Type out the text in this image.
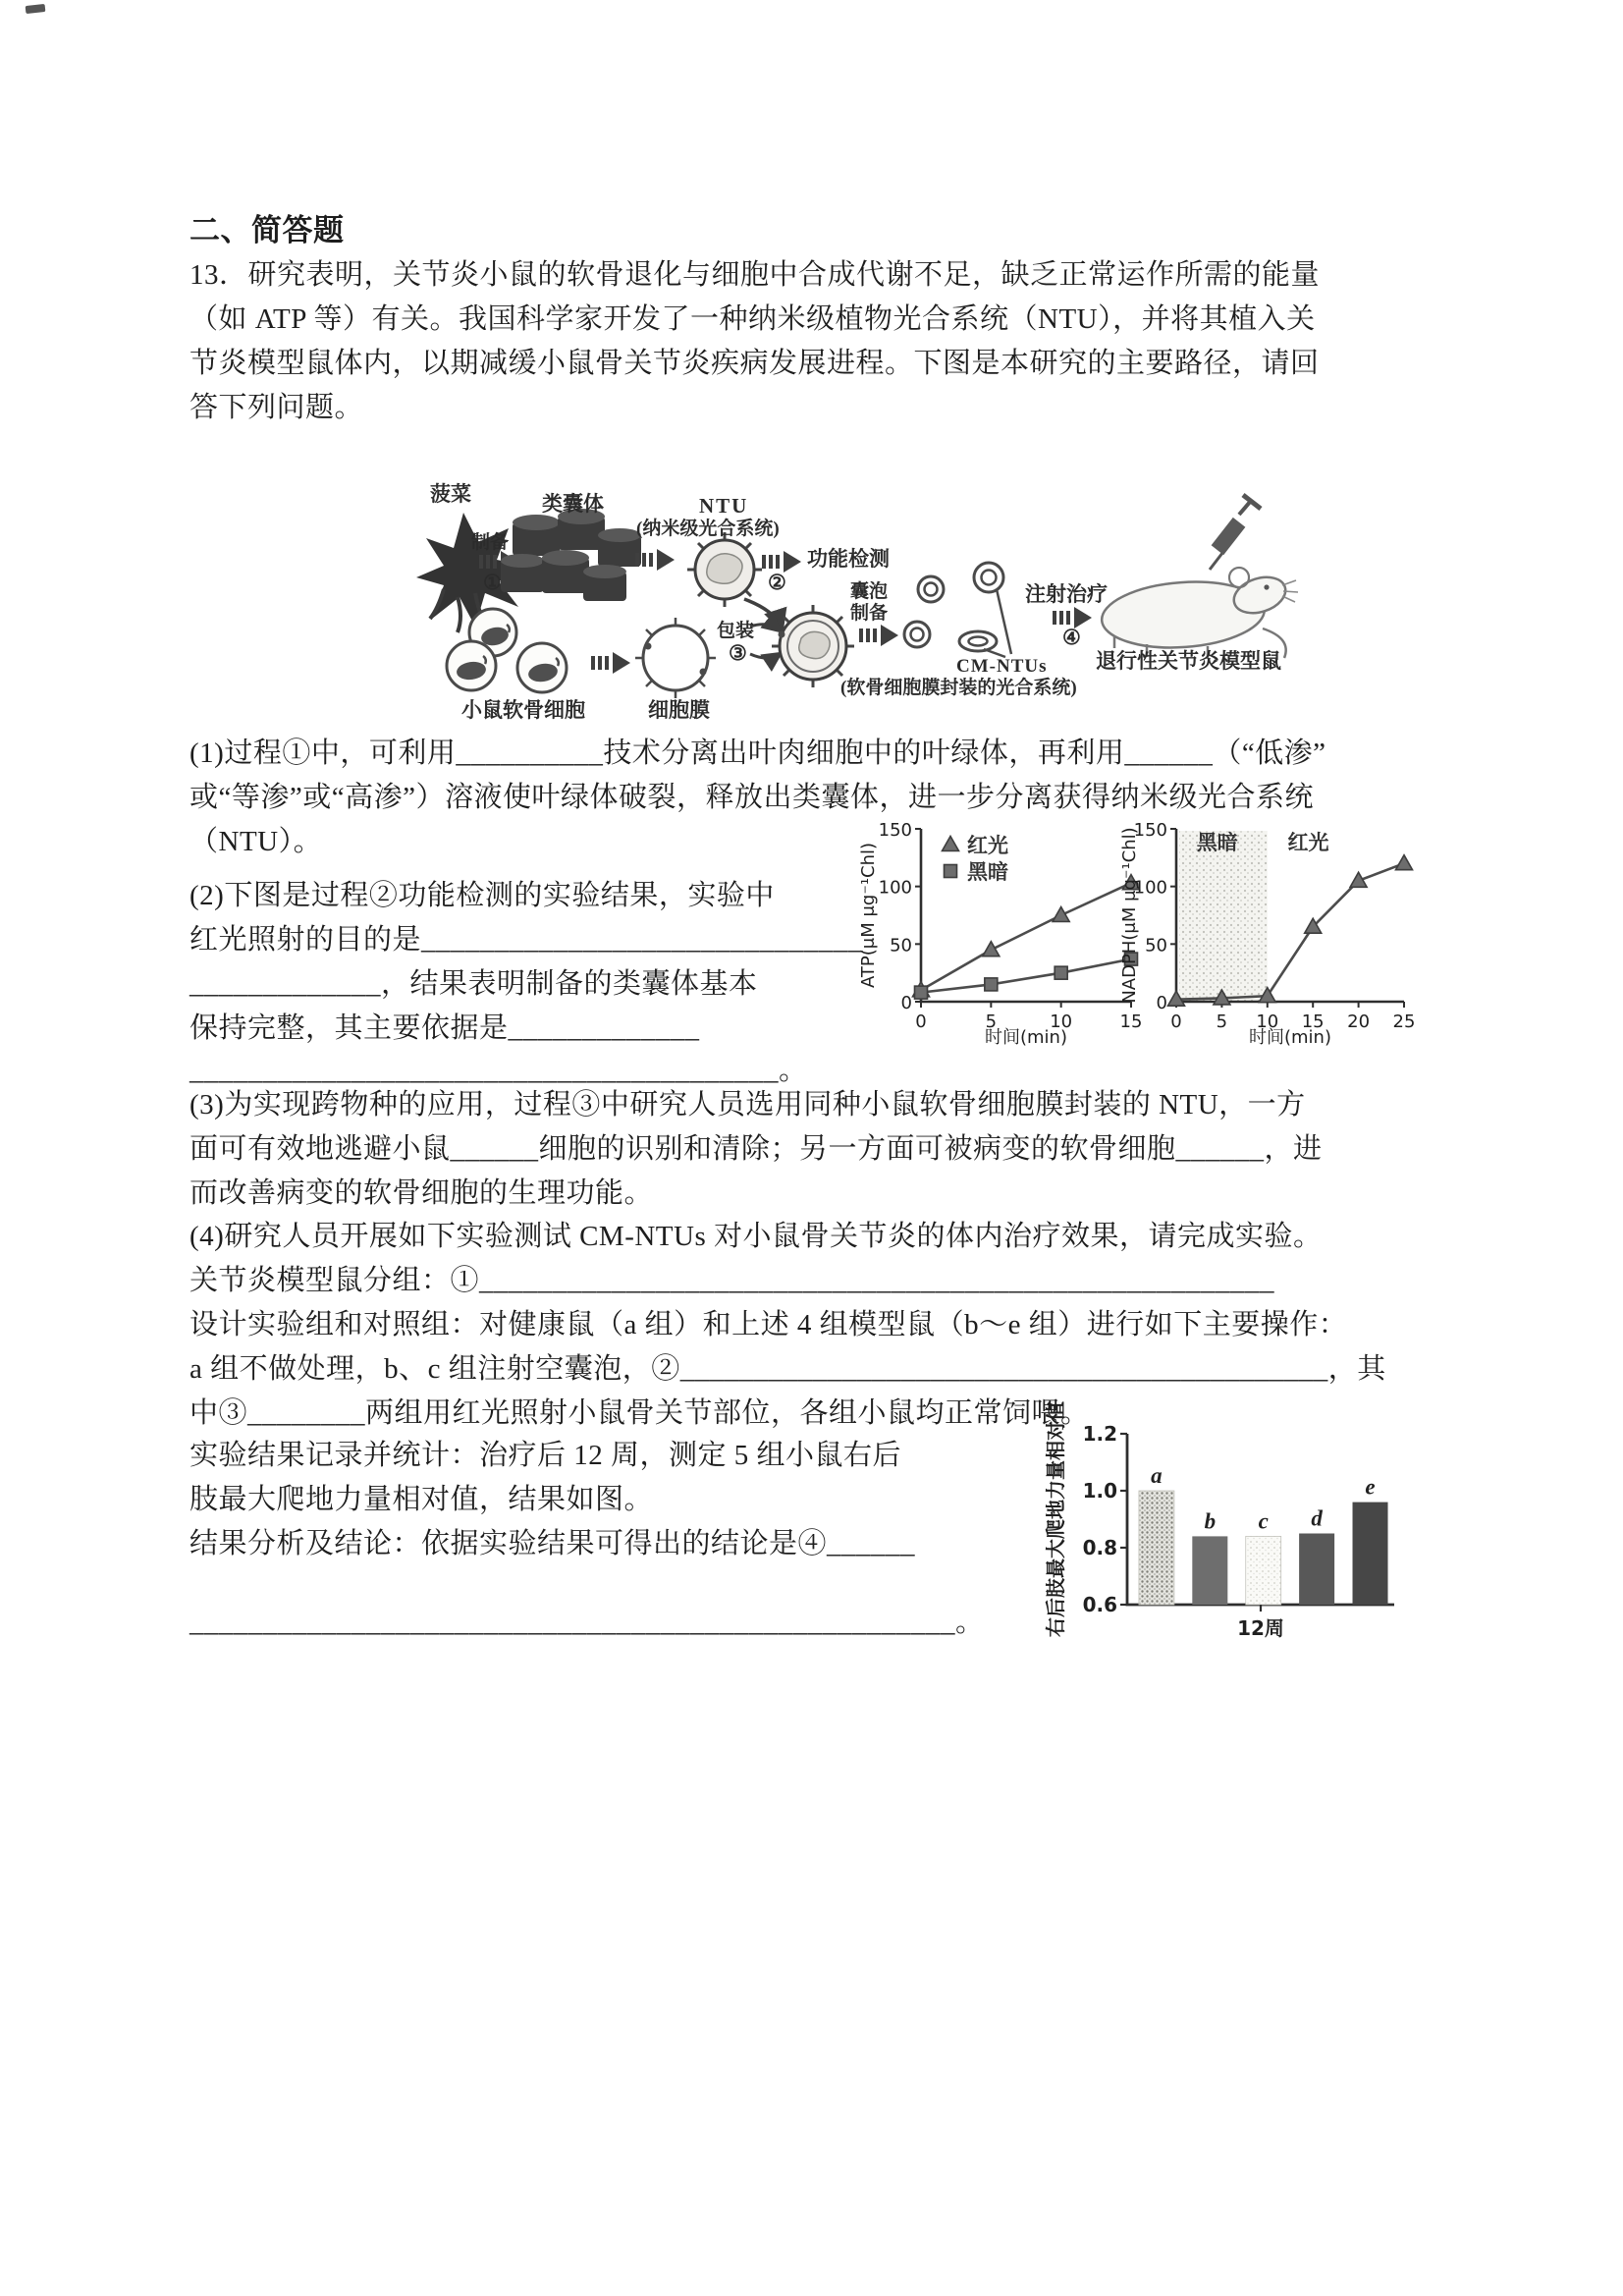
二、简答题
13．研究表明，关节炎小鼠的软骨退化与细胞中合成代谢不足，缺乏正常运作所需的能量
（如 ATP 等）有关。我国科学家开发了一种纳米级植物光合系统（NTU），并将其植入关
节炎模型鼠体内，以期减缓小鼠骨关节炎疾病发展进程。下图是本研究的主要路径，请回
答下列问题。
菠菜
制备
①
类囊体	NTU
(纳米级光合系统)
②
功能检测
小鼠软骨细胞	细胞膜
包装
③
囊泡
制备
CM-NTUs
(软骨细胞膜封装的光合系统)
注射治疗
④
退行性关节炎模型鼠
(1)过程①中，可利用__________技术分离出叶肉细胞中的叶绿体，再利用______（“低渗”
或“等渗”或“高渗”）溶液使叶绿体破裂，释放出类囊体，进一步分离获得纳米级光合系统
（NTU）。
(2)下图是过程②功能检测的实验结果，实验中
红光照射的目的是______________________________
_____________，结果表明制备的类囊体基本
保持完整，其主要依据是_____________
________________________________________。
0
50
100
150
0	5	10	15
时间(min)
ATP(μM μg⁻¹Chl)	红光
黑暗
0
50
100
150
0 5 10 15 20 25
时间(min)
NADPH(μM μg⁻¹Chl)	黑暗 红光
(3)为实现跨物种的应用，过程③中研究人员选用同种小鼠软骨细胞膜封装的 NTU，一方
面可有效地逃避小鼠______细胞的识别和清除；另一方面可被病变的软骨细胞______，进
而改善病变的软骨细胞的生理功能。
(4)研究人员开展如下实验测试 CM-NTUs 对小鼠骨关节炎的体内治疗效果，请完成实验。
关节炎模型鼠分组：①______________________________________________________
设计实验组和对照组：对健康鼠（a 组）和上述 4 组模型鼠（b～e 组）进行如下主要操作：
a 组不做处理，b、c 组注射空囊泡，②____________________________________________，其
中③________两组用红光照射小鼠骨关节部位，各组小鼠均正常饲喂。
实验结果记录并统计：治疗后 12 周，测定 5 组小鼠右后
肢最大爬地力量相对值，结果如图。
结果分析及结论：依据实验结果可得出的结论是④______
____________________________________________________。
0.6
0.8
1.0
1.2
a
b c d
e
12周
右后肢最大爬地力量相对值
